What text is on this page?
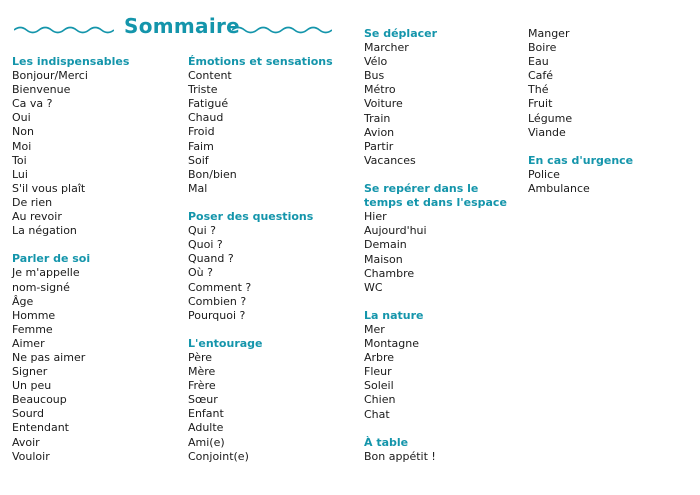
Sommaire
Les indispensables
Bonjour/Merci
Bienvenue
Ca va ?
Oui
Non
Moi
Toi
Lui
S'il vous plaît
De rien
Au revoir
La négation
Parler de soi
Je m'appelle
nom-signé
Âge
Homme
Femme
Aimer
Ne pas aimer
Signer
Un peu
Beaucoup
Sourd
Entendant
Avoir
Vouloir
Émotions et sensations
Content
Triste
Fatigué
Chaud
Froid
Faim
Soif
Bon/bien
Mal
Poser des questions
Qui ?
Quoi ?
Quand ?
Où ?
Comment ?
Combien ?
Pourquoi ?
L'entourage
Père
Mère
Frère
Sœur
Enfant
Adulte
Ami(e)
Conjoint(e)
Se déplacer
Marcher
Vélo
Bus
Métro
Voiture
Train
Avion
Partir
Vacances
Se repérer dans le temps et dans l'espace
Hier
Aujourd'hui
Demain
Maison
Chambre
WC
La nature
Mer
Montagne
Arbre
Fleur
Soleil
Chien
Chat
À table
Bon appétit !
Manger
Boire
Eau
Café
Thé
Fruit
Légume
Viande
En cas d'urgence
Police
Ambulance
